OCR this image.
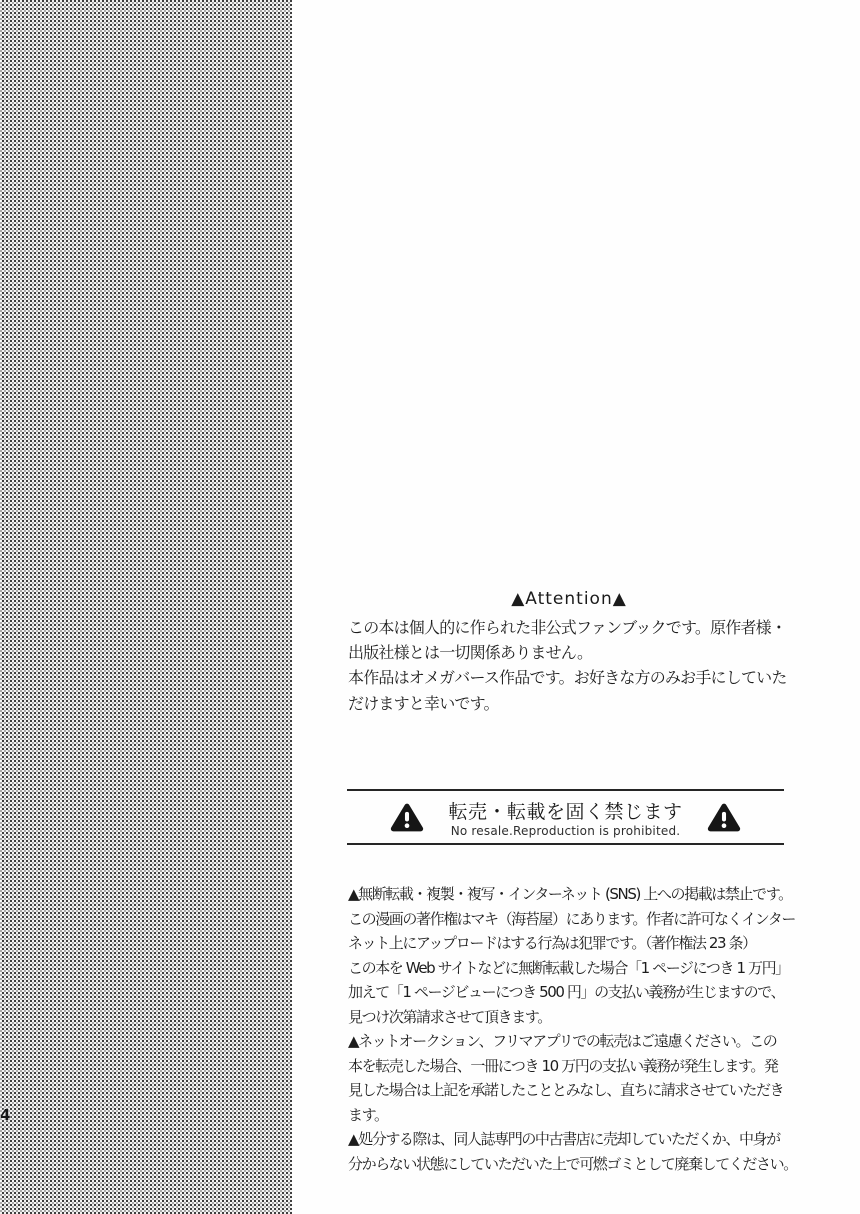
4
▲Attention▲
この本は個人的に作られた非公式ファンブックです。原作者様・
出版社様とは一切関係ありません。
本作品はオメガバース作品です。お好きな方のみお手にしていた
だけますと幸いです。
転売・転載を固く禁じます
No resale.Reproduction is prohibited.
▲無断転載・複製・複写・インターネット (SNS) 上への掲載は禁止です。
この漫画の著作権はマキ（海苔屋）にあります。作者に許可なくインター
ネット上にアップロードはする行為は犯罪です。（著作権法 23 条）
この本を Web サイトなどに無断転載した場合「1 ページにつき 1 万円」
加えて「1 ページビューにつき 500 円」の支払い義務が生じますので、
見つけ次第請求させて頂きます。
▲ネットオークション、フリマアプリでの転売はご遠慮ください。この
本を転売した場合、一冊につき 10 万円の支払い義務が発生します。発
見した場合は上記を承諾したこととみなし、直ちに請求させていただき
ます。
▲処分する際は、同人誌専門の中古書店に売却していただくか、中身が
分からない状態にしていただいた上で可燃ゴミとして廃棄してください。
